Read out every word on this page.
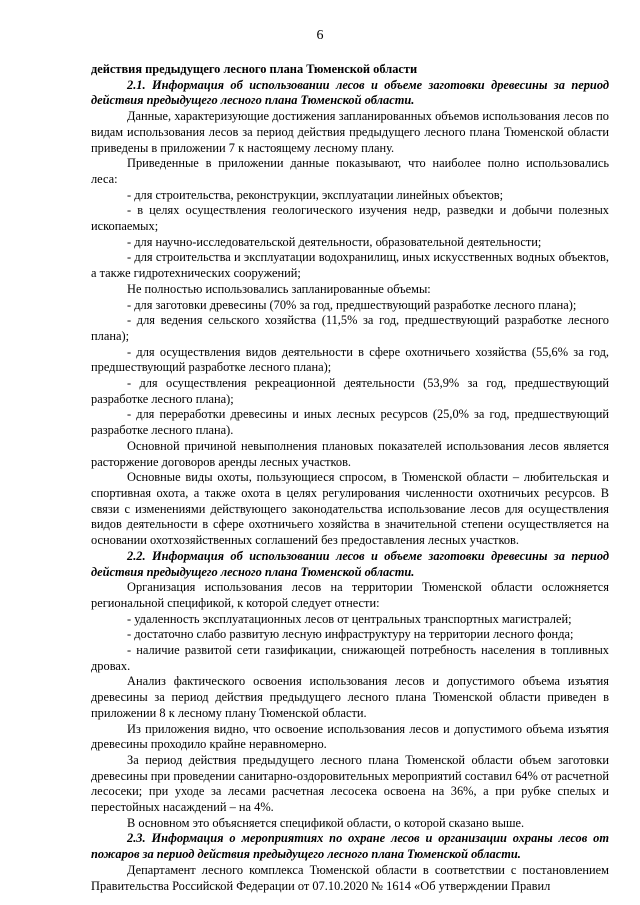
6

действия предыдущего лесного плана Тюменской области

2.1. Информация об использовании лесов и объеме заготовки древесины за период действия предыдущего лесного плана Тюменской области.

Данные, характеризующие достижения запланированных объемов использования лесов по видам использования лесов за период действия предыдущего лесного плана Тюменской области приведены в приложении 7 к настоящему лесному плану.

Приведенные в приложении данные показывают, что наиболее полно использовались леса:

- для строительства, реконструкции, эксплуатации линейных объектов;

- в целях осуществления геологического изучения недр, разведки и добычи полезных ископаемых;

- для научно-исследовательской деятельности, образовательной деятельности;

- для строительства и эксплуатации водохранилищ, иных искусственных водных объектов, а также гидротехнических сооружений;

Не полностью использовались запланированные объемы:

- для заготовки древесины (70% за год, предшествующий разработке лесного плана);

- для ведения сельского хозяйства (11,5% за год, предшествующий разработке лесного плана);

- для осуществления видов деятельности в сфере охотничьего хозяйства (55,6% за год, предшествующий разработке лесного плана);

- для осуществления рекреационной деятельности (53,9% за год, предшествующий разработке лесного плана);

- для переработки древесины и иных лесных ресурсов (25,0% за год, предшествующий разработке лесного плана).

Основной причиной невыполнения плановых показателей использования лесов является расторжение договоров аренды лесных участков.

Основные виды охоты, пользующиеся спросом, в Тюменской области – любительская и спортивная охота, а также охота в целях регулирования численности охотничьих ресурсов. В связи с изменениями действующего законодательства использование лесов для осуществления видов деятельности в сфере охотничьего хозяйства в значительной степени осуществляется на основании охотхозяйственных соглашений без предоставления лесных участков.

2.2. Информация об использовании лесов и объеме заготовки древесины за период действия предыдущего лесного плана Тюменской области.

Организация использования лесов на территории Тюменской области осложняется региональной спецификой, к которой следует отнести:

- удаленность эксплуатационных лесов от центральных транспортных магистралей;

- достаточно слабо развитую лесную инфраструктуру на территории лесного фонда;

- наличие развитой сети газификации, снижающей потребность населения в топливных дровах.

Анализ фактического освоения использования лесов и допустимого объема изъятия древесины за период действия предыдущего лесного плана Тюменской области приведен в приложении 8 к лесному плану Тюменской области.

Из приложения видно, что освоение использования лесов и допустимого объема изъятия древесины проходило крайне неравномерно.

За период действия предыдущего лесного плана Тюменской области объем заготовки древесины при проведении санитарно-оздоровительных мероприятий составил 64% от расчетной лесосеки; при уходе за лесами расчетная лесосека освоена на 36%, а при рубке спелых и перестойных насаждений – на 4%.

В основном это объясняется спецификой области, о которой сказано выше.

2.3. Информация о мероприятиях по охране лесов и организации охраны лесов от пожаров за период действия предыдущего лесного плана Тюменской области.

Департамент лесного комплекса Тюменской области в соответствии с постановлением Правительства Российской Федерации от 07.10.2020 № 1614 «Об утверждении Правил
